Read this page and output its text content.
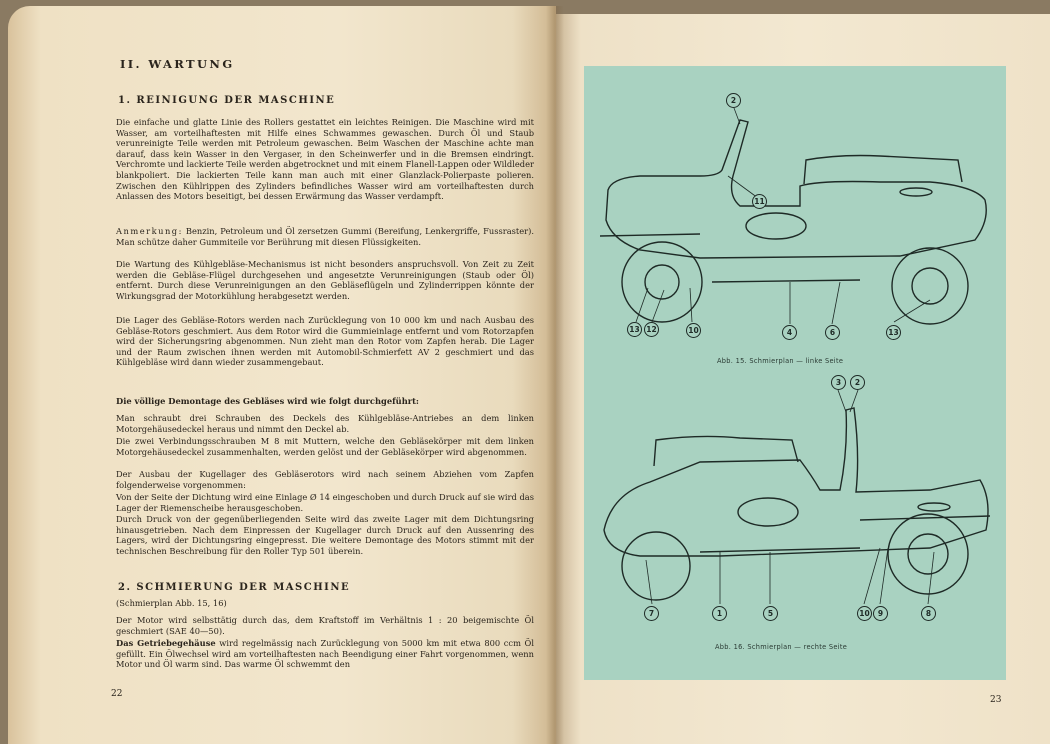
II. WARTUNG
1. REINIGUNG DER MASCHINE
Die einfache und glatte Linie des Rollers gestattet ein leichtes Reinigen. Die Maschine wird mit Wasser, am vorteilhaftesten mit Hilfe eines Schwammes gewaschen. Durch Öl und Staub verunreinigte Teile werden mit Petroleum gewaschen. Beim Waschen der Maschine achte man darauf, dass kein Wasser in den Vergaser, in den Scheinwerfer und in die Bremsen eindringt. Verchromte und lackierte Teile werden abgetrocknet und mit einem Flanell-Lappen oder Wildleder blankpoliert. Die lackierten Teile kann man auch mit einer Glanzlack-Polierpaste polieren. Zwischen den Kühlrippen des Zylinders befindliches Wasser wird am vorteilhaftesten durch Anlassen des Motors beseitigt, bei dessen Erwärmung das Wasser verdampft.
Anmerkung: Benzin, Petroleum und Öl zersetzen Gummi (Bereifung, Lenkergriffe, Fussraster). Man schütze daher Gummiteile vor Berührung mit diesen Flüssigkeiten.
Die Wartung des Kühlgebläse-Mechanismus ist nicht besonders anspruchsvoll. Von Zeit zu Zeit werden die Gebläse-Flügel durchgesehen und angesetzte Verunreinigungen (Staub oder Öl) entfernt. Durch diese Verunreinigungen an den Gebläseflügeln und Zylinderrippen könnte der Wirkungsgrad der Motorkühlung herabgesetzt werden.
Die Lager des Gebläse-Rotors werden nach Zurücklegung von 10 000 km und nach Ausbau des Gebläse-Rotors geschmiert. Aus dem Rotor wird die Gummieinlage entfernt und vom Rotorzapfen wird der Sicherungsring abgenommen. Nun zieht man den Rotor vom Zapfen herab. Die Lager und der Raum zwischen ihnen werden mit Automobil-Schmierfett AV 2 geschmiert und das Kühlgebläse wird dann wieder zusammengebaut.
Die völlige Demontage des Gebläses wird wie folgt durchgeführt:
Man schraubt drei Schrauben des Deckels des Kühlgebläse-Antriebes an dem linken Motorgehäusedeckel heraus und nimmt den Deckel ab.
Die zwei Verbindungsschrauben M 8 mit Muttern, welche den Gebläsekörper mit dem linken Motorgehäusedeckel zusammenhalten, werden gelöst und der Gebläsekörper wird abgenommen.
Der Ausbau der Kugellager des Gebläserotors wird nach seinem Abziehen vom Zapfen folgenderweise vorgenommen:
Von der Seite der Dichtung wird eine Einlage Ø 14 eingeschoben und durch Druck auf sie wird das Lager der Riemenscheibe herausgeschoben.
Durch Druck von der gegenüberliegenden Seite wird das zweite Lager mit dem Dichtungsring hinausgetrieben. Nach dem Einpressen der Kugellager durch Druck auf den Aussenring des Lagers, wird der Dichtungsring eingepresst. Die weitere Demontage des Motors stimmt mit der technischen Beschreibung für den Roller Typ 501 überein.
2. SCHMIERUNG DER MASCHINE
(Schmierplan Abb. 15, 16)
Der Motor wird selbsttätig durch das, dem Kraftstoff im Verhältnis 1 : 20 beigemischte Öl geschmiert (SAE 40—50).
Das Getriebegehäuse wird regelmässig nach Zurücklegung von 5000 km mit etwa 800 ccm Öl gefüllt. Ein Ölwechsel wird am vorteilhaftesten nach Beendigung einer Fahrt vorgenommen, wenn Motor und Öl warm sind. Das warme Öl schwemmt den
22
2
11
13 12	10	4	6	13
Abb. 15. Schmierplan — linke Seite
3	2
7	1	5	10	9	8
Abb. 16. Schmierplan — rechte Seite
23
